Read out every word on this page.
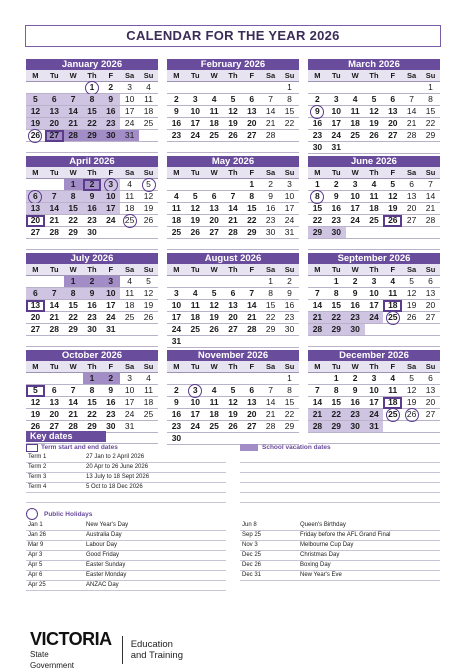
CALENDAR FOR THE YEAR 2026
January 2026
M	Tu	W	Th	F	Sa	Su
			1	2	3	4
5	6	7	8	9	10	11
12	13	14	15	16	17	18
19	20	21	22	23	24	25
26	27	28	29	30	31	

February 2026
M	Tu	W	Th	F	Sa	Su
						1
2	3	4	5	6	7	8
9	10	11	12	13	14	15
16	17	18	19	20	21	22
23	24	25	26	27	28	

March 2026
M	Tu	W	Th	F	Sa	Su
						1
2	3	4	5	6	7	8
9	10	11	12	13	14	15
16	17	18	19	20	21	22
23	24	25	26	27	28	29
30	31					
April 2026
M	Tu	W	Th	F	Sa	Su
		1	2	3	4	5
6	7	8	9	10	11	12
13	14	15	16	17	18	19
20	21	22	23	24	25	26
27	28	29	30			

May 2026
M	Tu	W	Th	F	Sa	Su
				1	2	3
4	5	6	7	8	9	10
11	12	13	14	15	16	17
18	19	20	21	22	23	24
25	26	27	28	29	30	31

June 2026
M	Tu	W	Th	F	Sa	Su
1	2	3	4	5	6	7
8	9	10	11	12	13	14
15	16	17	18	19	20	21
22	23	24	25	26	27	28
29	30					

July 2026
M	Tu	W	Th	F	Sa	Su
		1	2	3	4	5
6	7	8	9	10	11	12
13	14	15	16	17	18	19
20	21	22	23	24	25	26
27	28	29	30	31		

August 2026
M	Tu	W	Th	F	Sa	Su
					1	2
3	4	5	6	7	8	9
10	11	12	13	14	15	16
17	18	19	20	21	22	23
24	25	26	27	28	29	30
31						
September 2026
M	Tu	W	Th	F	Sa	Su
	1	2	3	4	5	6
7	8	9	10	11	12	13
14	15	16	17	18	19	20
21	22	23	24	25	26	27
28	29	30				

October 2026
M	Tu	W	Th	F	Sa	Su
			1	2	3	4
5	6	7	8	9	10	11
12	13	14	15	16	17	18
19	20	21	22	23	24	25
26	27	28	29	30	31	

November 2026
M	Tu	W	Th	F	Sa	Su
						1
2	3	4	5	6	7	8
9	10	11	12	13	14	15
16	17	18	19	20	21	22
23	24	25	26	27	28	29
30						
December 2026
M	Tu	W	Th	F	Sa	Su
	1	2	3	4	5	6
7	8	9	10	11	12	13
14	15	16	17	18	19	20
21	22	23	24	25	26	27
28	29	30	31			

Key dates
Term start and end dates
Term 1	27 Jan to 2 April 2026
Term 2	20 Apr to 26 June 2026
Term 3	13 July to 18 Sept 2026
Term 4	5 Oct to 18 Dec 2026
School vacation dates
Public Holidays
Jan 1	New Year's Day
Jan 26	Australia Day
Mar 9	Labour Day
Apr 3	Good Friday
Apr 5	Easter Sunday
Apr 6	Easter Monday
Apr 25	ANZAC Day
Jun 8	Queen's Birthday
Sep 25	Friday before the AFL Grand Final
Nov 3	Melbourne Cup Day
Dec 25	Christmas Day
Dec 26	Boxing Day
Dec 31	New Year's Eve
VICTORIA
State
Government
Education
and Training
